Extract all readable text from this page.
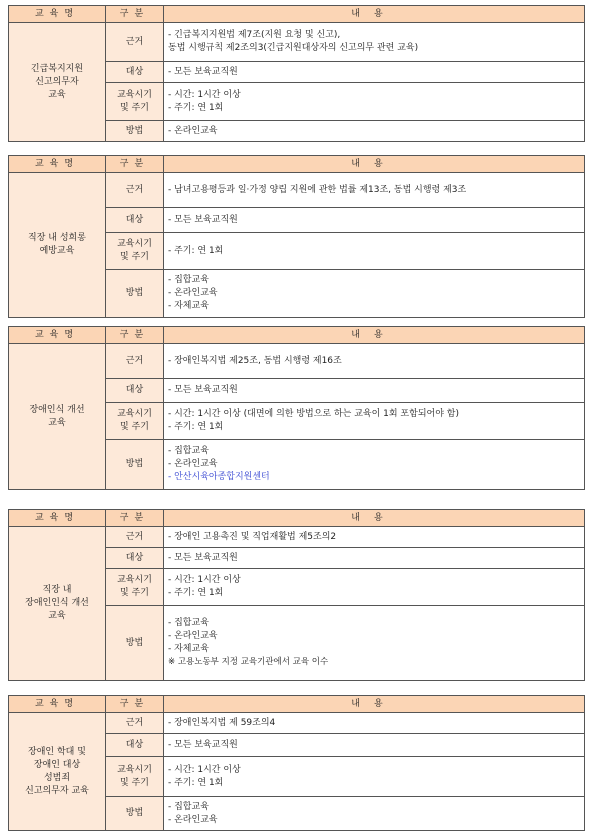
교육명	구분	내용

긴급복지지원
신고의무자
교육	근거	- 긴급복지지원법 제7조(지원 요청 및 신고),
동법 시행규칙 제2조의3(긴급지원대상자의 신고의무 관련 교육)

	대상	- 모든 보육교직원

	교육시기
및 주기	- 시간: 1시간 이상
- 주기: 연 1회

	방법	- 온라인교육
교육명	구분	내용

직장 내 성희롱
예방교육	근거	- 남녀고용평등과 일·가정 양립 지원에 관한 법률 제13조, 동법 시행령 제3조

	대상	- 모든 보육교직원

	교육시기
및 주기	- 주기: 연 1회

	방법	- 집합교육
- 온라인교육
- 자체교육
교육명	구분	내용

장애인식 개선
교육	근거	- 장애인복지법 제25조, 동법 시행령 제16조

	대상	- 모든 보육교직원

	교육시기
및 주기	- 시간: 1시간 이상 (대면에 의한 방법으로 하는 교육이 1회 포함되어야 함)
- 주기: 연 1회

	방법	- 집합교육
- 온라인교육
- 안산시육아종합지원센터
교육명	구분	내용

직장 내
장애인인식 개선
교육	근거	- 장애인 고용촉진 및 직업재활법 제5조의2

	대상	- 모든 보육교직원

	교육시기
및 주기	- 시간: 1시간 이상
- 주기: 연 1회

	방법	- 집합교육
- 온라인교육
- 자체교육
※ 고용노동부 지정 교육기관에서 교육 이수
교육명	구분	내용

장애인 학대 및
장애인 대상
성범죄
신고의무자 교육	근거	- 장애인복지법 제 59조의4

	대상	- 모든 보육교직원

	교육시기
및 주기	- 시간: 1시간 이상
- 주기: 연 1회

	방법	- 집합교육
- 온라인교육
